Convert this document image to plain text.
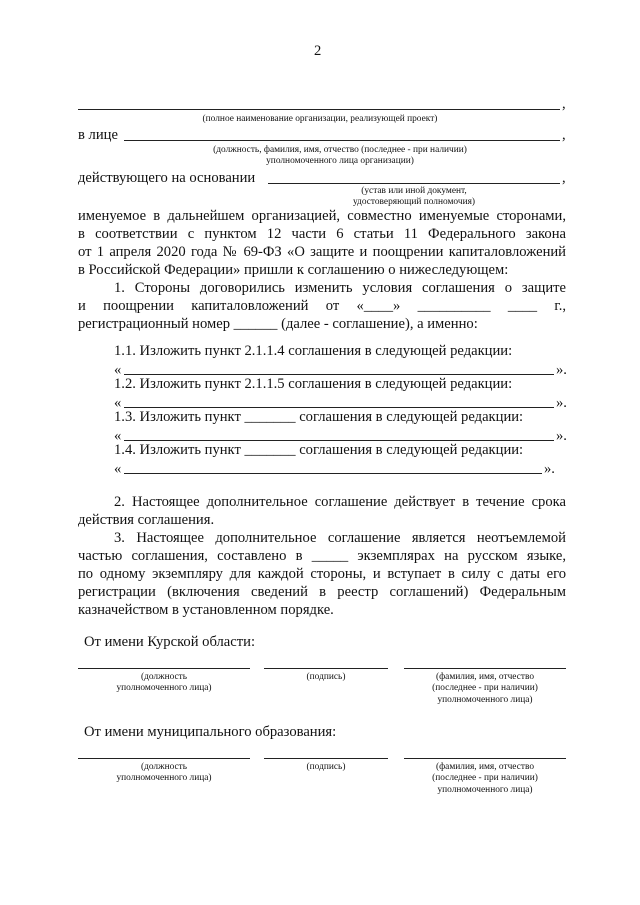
2
,
(полное наименование организации, реализующей проект)
в лице	,
(должность, фамилия, имя, отчество (последнее - при наличии)
уполномоченного лица организации)
действующего на основании	,
(устав или иной документ,
удостоверяющий полномочия)
именуемое в дальнейшем организацией, совместно именуемые сторонами,
в соответствии с пунктом 12 части 6 статьи 11 Федерального закона
от 1 апреля 2020 года № 69-ФЗ «О защите и поощрении капиталовложений
в Российской Федерации» пришли к соглашению о нижеследующем:
1. Стороны договорились изменить условия соглашения о защите
и поощрении капиталовложений от «____» __________ ____ г.,
регистрационный номер ______ (далее - соглашение), а именно:
1.1. Изложить пункт 2.1.1.4 соглашения в следующей редакции:
«	».
1.2. Изложить пункт 2.1.1.5 соглашения в следующей редакции:
«	».
1.3. Изложить пункт _______ соглашения в следующей редакции:
«	».
1.4. Изложить пункт _______ соглашения в следующей редакции:
«	».
2. Настоящее дополнительное соглашение действует в течение срока
действия соглашения.
3. Настоящее дополнительное соглашение является неотъемлемой
частью соглашения, составлено в _____ экземплярах на русском языке,
по одному экземпляру для каждой стороны, и вступает в силу с даты его
регистрации (включения сведений в реестр соглашений) Федеральным
казначейством в установленном порядке.
От имени Курской области:
(должность
уполномоченного лица)
(подпись)	(фамилия, имя, отчество
(последнее - при наличии)
уполномоченного лица)
От имени муниципального образования:
(должность
уполномоченного лица)
(подпись)	(фамилия, имя, отчество
(последнее - при наличии)
уполномоченного лица)
